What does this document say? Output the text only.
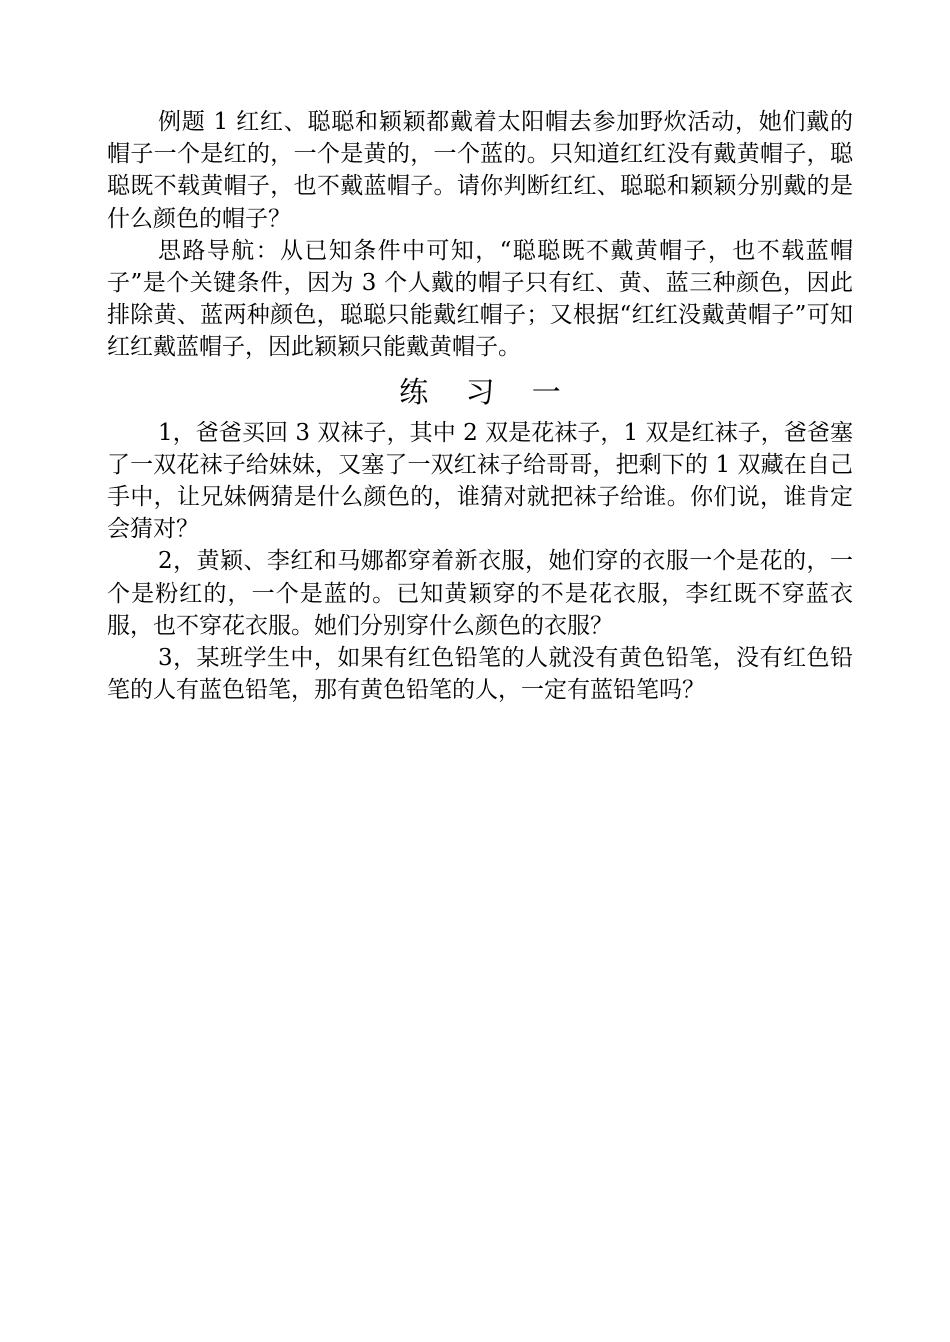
例题 1 红红、聪聪和颖颖都戴着太阳帽去参加野炊活动，她们戴的帽子一个是红的，一个是黄的，一个蓝的。只知道红红没有戴黄帽子，聪聪既不载黄帽子，也不戴蓝帽子。请你判断红红、聪聪和颖颖分别戴的是什么颜色的帽子？

思路导航：从已知条件中可知，“聪聪既不戴黄帽子，也不载蓝帽子”是个关键条件，因为 3 个人戴的帽子只有红、黄、蓝三种颜色，因此排除黄、蓝两种颜色，聪聪只能戴红帽子；又根据“红红没戴黄帽子”可知红红戴蓝帽子，因此颖颖只能戴黄帽子。

练 习 一

1，爸爸买回 3 双袜子，其中 2 双是花袜子，1 双是红袜子，爸爸塞了一双花袜子给妹妹，又塞了一双红袜子给哥哥，把剩下的 1 双藏在自己手中，让兄妹俩猜是什么颜色的，谁猜对就把袜子给谁。你们说，谁肯定会猜对？

2，黄颖、李红和马娜都穿着新衣服，她们穿的衣服一个是花的，一个是粉红的，一个是蓝的。已知黄颖穿的不是花衣服，李红既不穿蓝衣服，也不穿花衣服。她们分别穿什么颜色的衣服？

3，某班学生中，如果有红色铅笔的人就没有黄色铅笔，没有红色铅笔的人有蓝色铅笔，那有黄色铅笔的人，一定有蓝铅笔吗？
